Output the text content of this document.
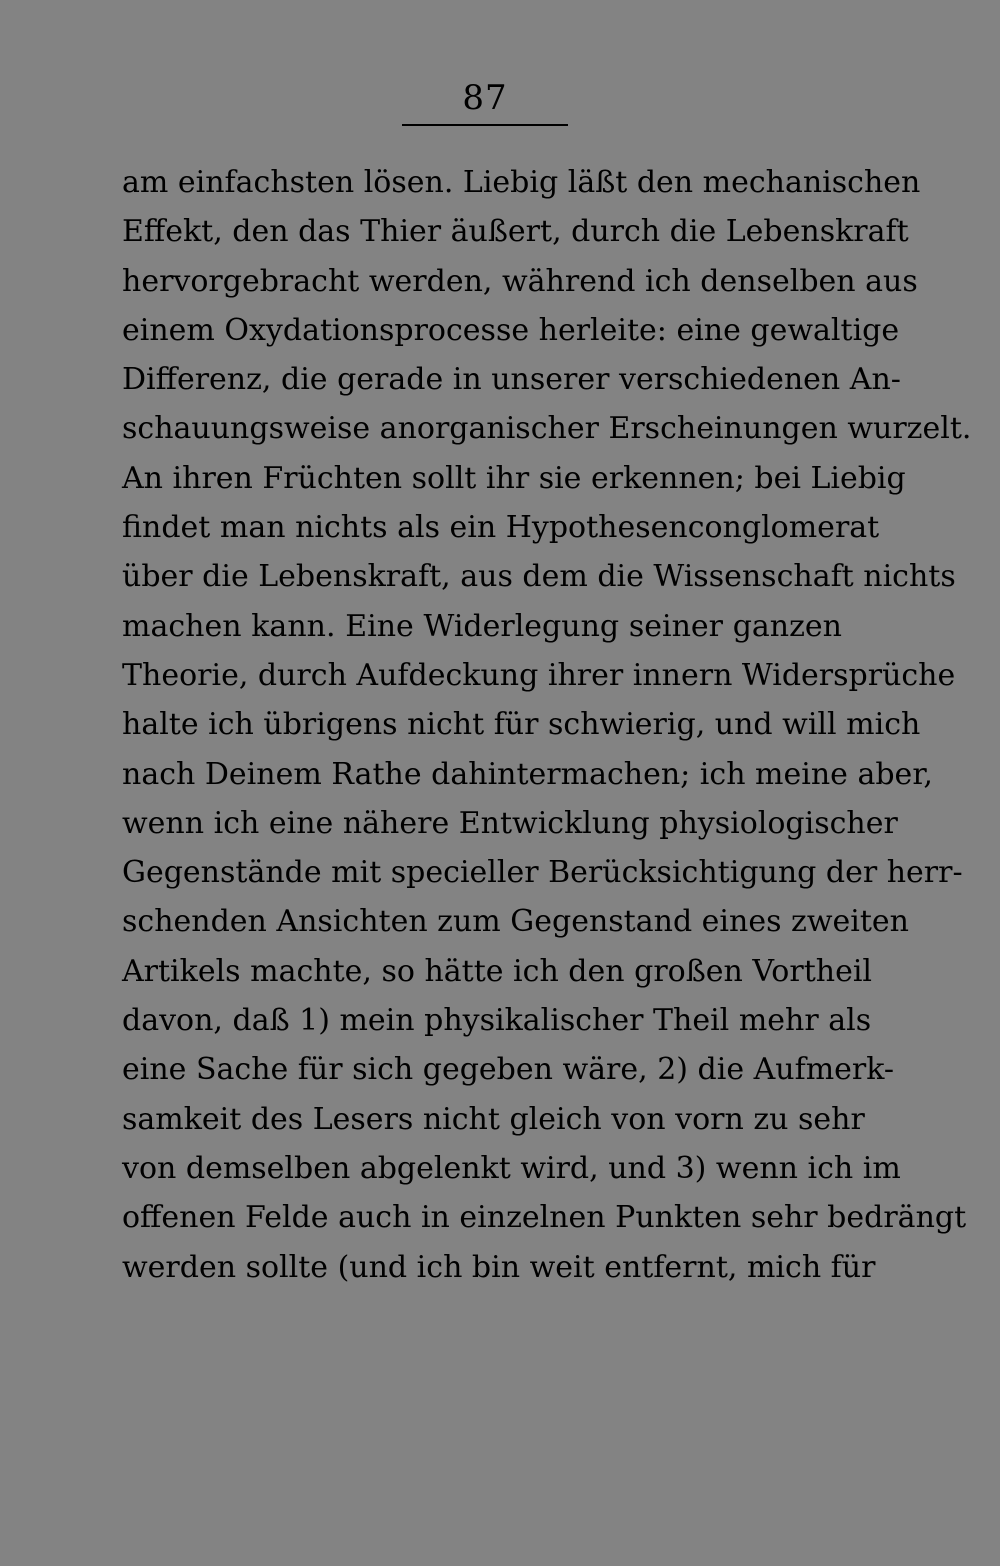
87
am einfachsten lösen. Liebig läßt den mechanischen
Effekt, den das Thier äußert, durch die Lebenskraft
hervorgebracht werden, während ich denselben aus
einem Oxydationsprocesse herleite: eine gewaltige
Differenz, die gerade in unserer verschiedenen An-
schauungsweise anorganischer Erscheinungen wurzelt.
An ihren Früchten sollt ihr sie erkennen; bei Liebig
findet man nichts als ein Hypothesenconglomerat
über die Lebenskraft, aus dem die Wissenschaft nichts
machen kann. Eine Widerlegung seiner ganzen
Theorie, durch Aufdeckung ihrer innern Widersprüche
halte ich übrigens nicht für schwierig, und will mich
nach Deinem Rathe dahintermachen; ich meine aber,
wenn ich eine nähere Entwicklung physiologischer
Gegenstände mit specieller Berücksichtigung der herr-
schenden Ansichten zum Gegenstand eines zweiten
Artikels machte, so hätte ich den großen Vortheil
davon, daß 1) mein physikalischer Theil mehr als
eine Sache für sich gegeben wäre, 2) die Aufmerk-
samkeit des Lesers nicht gleich von vorn zu sehr
von demselben abgelenkt wird, und 3) wenn ich im
offenen Felde auch in einzelnen Punkten sehr bedrängt
werden sollte (und ich bin weit entfernt, mich für
